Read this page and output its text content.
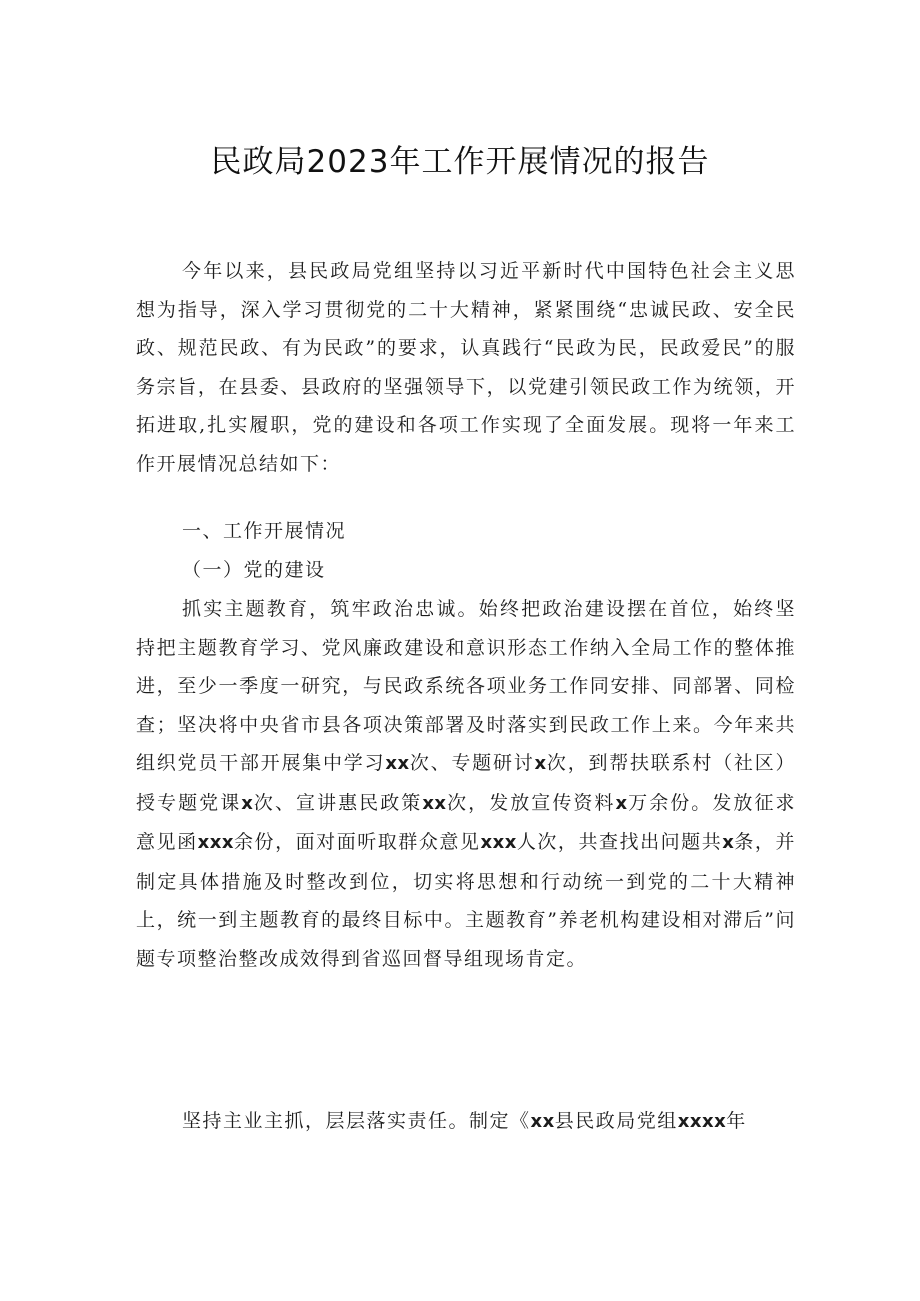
民政局2023年工作开展情况的报告
今年以来，县民政局党组坚持以习近平新时代中国特色社会主义思想为指导，深入学习贯彻党的二十大精神，紧紧围绕“忠诚民政、安全民政、规范民政、有为民政”的要求，认真践行“民政为民，民政爱民”的服务宗旨，在县委、县政府的坚强领导下，以党建引领民政工作为统领，开拓进取,扎实履职，党的建设和各项工作实现了全面发展。现将一年来工作开展情况总结如下：
一、工作开展情况
（一）党的建设
抓实主题教育，筑牢政治忠诚。始终把政治建设摆在首位，始终坚持把主题教育学习、党风廉政建设和意识形态工作纳入全局工作的整体推进，至少一季度一研究，与民政系统各项业务工作同安排、同部署、同检查；坚决将中央省市县各项决策部署及时落实到民政工作上来。今年来共组织党员干部开展集中学习xx次、专题研讨x次，到帮扶联系村（社区）授专题党课x次、宣讲惠民政策xx次，发放宣传资料x万余份。发放征求意见函xxx余份，面对面听取群众意见xxx人次，共查找出问题共x条，并制定具体措施及时整改到位，切实将思想和行动统一到党的二十大精神上，统一到主题教育的最终目标中。主题教育”养老机构建设相对滞后”问题专项整治整改成效得到省巡回督导组现场肯定。
坚持主业主抓，层层落实责任。制定《xx县民政局党组xxxx年
